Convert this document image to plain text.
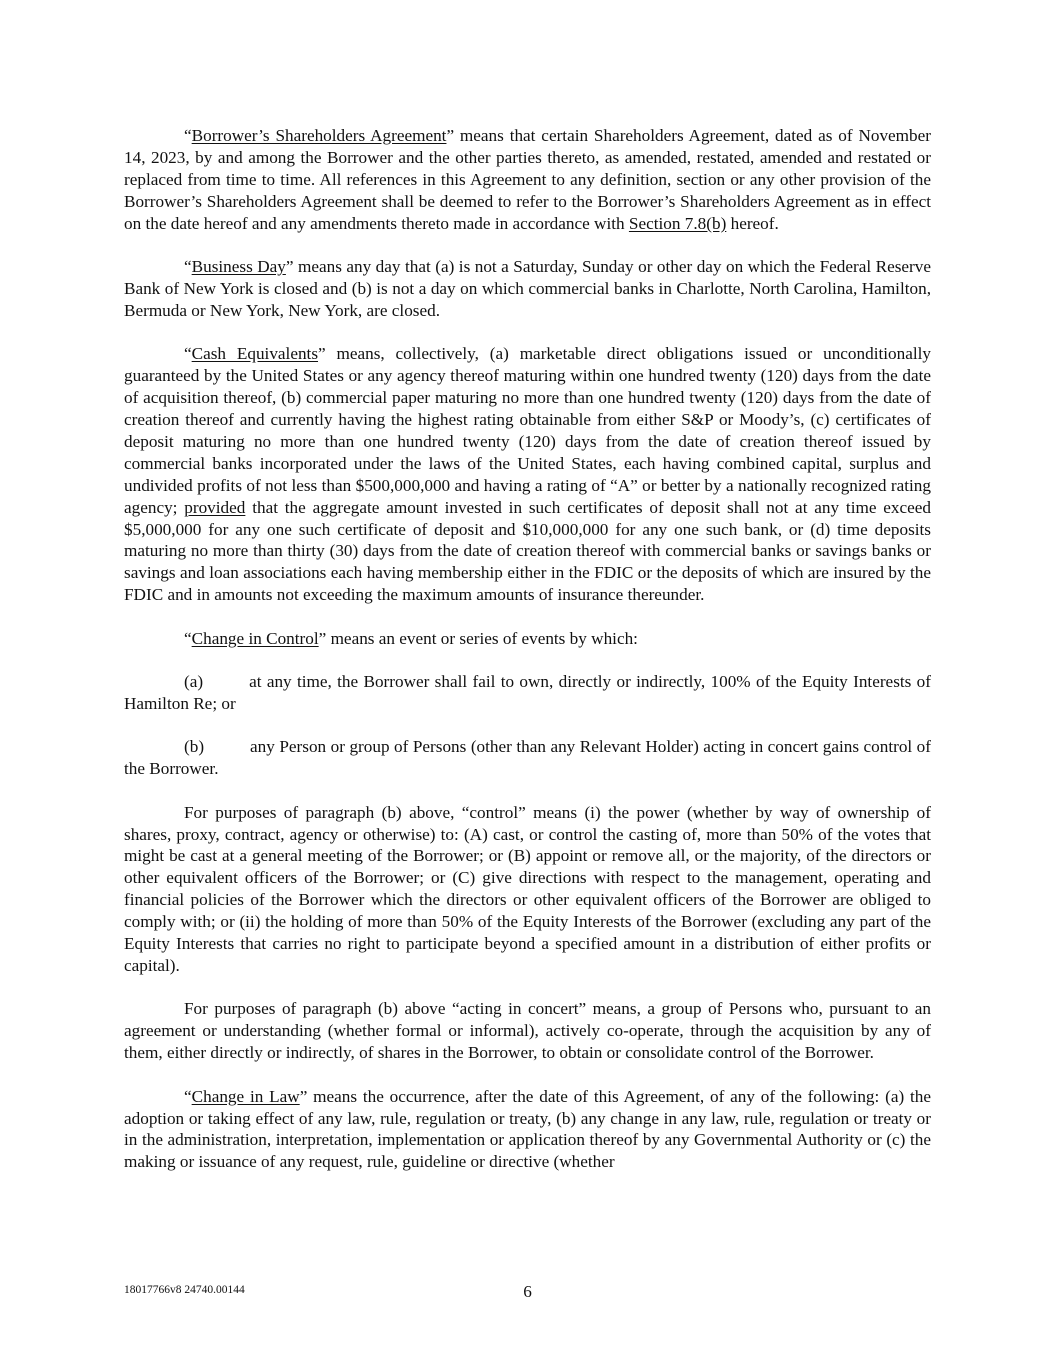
“Borrower’s Shareholders Agreement” means that certain Shareholders Agreement, dated as of November 14, 2023, by and among the Borrower and the other parties thereto, as amended, restated, amended and restated or replaced from time to time. All references in this Agreement to any definition, section or any other provision of the Borrower’s Shareholders Agreement shall be deemed to refer to the Borrower’s Shareholders Agreement as in effect on the date hereof and any amendments thereto made in accordance with Section 7.8(b) hereof.

“Business Day” means any day that (a) is not a Saturday, Sunday or other day on which the Federal Reserve Bank of New York is closed and (b) is not a day on which commercial banks in Charlotte, North Carolina, Hamilton, Bermuda or New York, New York, are closed.

“Cash Equivalents” means, collectively, (a) marketable direct obligations issued or unconditionally guaranteed by the United States or any agency thereof maturing within one hundred twenty (120) days from the date of acquisition thereof, (b) commercial paper maturing no more than one hundred twenty (120) days from the date of creation thereof and currently having the highest rating obtainable from either S&P or Moody’s, (c) certificates of deposit maturing no more than one hundred twenty (120) days from the date of creation thereof issued by commercial banks incorporated under the laws of the United States, each having combined capital, surplus and undivided profits of not less than $500,000,000 and having a rating of “A” or better by a nationally recognized rating agency; provided that the aggregate amount invested in such certificates of deposit shall not at any time exceed $5,000,000 for any one such certificate of deposit and $10,000,000 for any one such bank, or (d) time deposits maturing no more than thirty (30) days from the date of creation thereof with commercial banks or savings banks or savings and loan associations each having membership either in the FDIC or the deposits of which are insured by the FDIC and in amounts not exceeding the maximum amounts of insurance thereunder.

“Change in Control” means an event or series of events by which:

(a)	at any time, the Borrower shall fail to own, directly or indirectly, 100% of the Equity Interests of Hamilton Re; or

(b)	any Person or group of Persons (other than any Relevant Holder) acting in concert gains control of the Borrower.

For purposes of paragraph (b) above, “control” means (i) the power (whether by way of ownership of shares, proxy, contract, agency or otherwise) to: (A) cast, or control the casting of, more than 50% of the votes that might be cast at a general meeting of the Borrower; or (B) appoint or remove all, or the majority, of the directors or other equivalent officers of the Borrower; or (C) give directions with respect to the management, operating and financial policies of the Borrower which the directors or other equivalent officers of the Borrower are obliged to comply with; or (ii) the holding of more than 50% of the Equity Interests of the Borrower (excluding any part of the Equity Interests that carries no right to participate beyond a specified amount in a distribution of either profits or capital).

For purposes of paragraph (b) above “acting in concert” means, a group of Persons who, pursuant to an agreement or understanding (whether formal or informal), actively co-operate, through the acquisition by any of them, either directly or indirectly, of shares in the Borrower, to obtain or consolidate control of the Borrower.

“Change in Law” means the occurrence, after the date of this Agreement, of any of the following: (a) the adoption or taking effect of any law, rule, regulation or treaty, (b) any change in any law, rule, regulation or treaty or in the administration, interpretation, implementation or application thereof by any Governmental Authority or (c) the making or issuance of any request, rule, guideline or directive (whether

18017766v8 24740.00144	6
